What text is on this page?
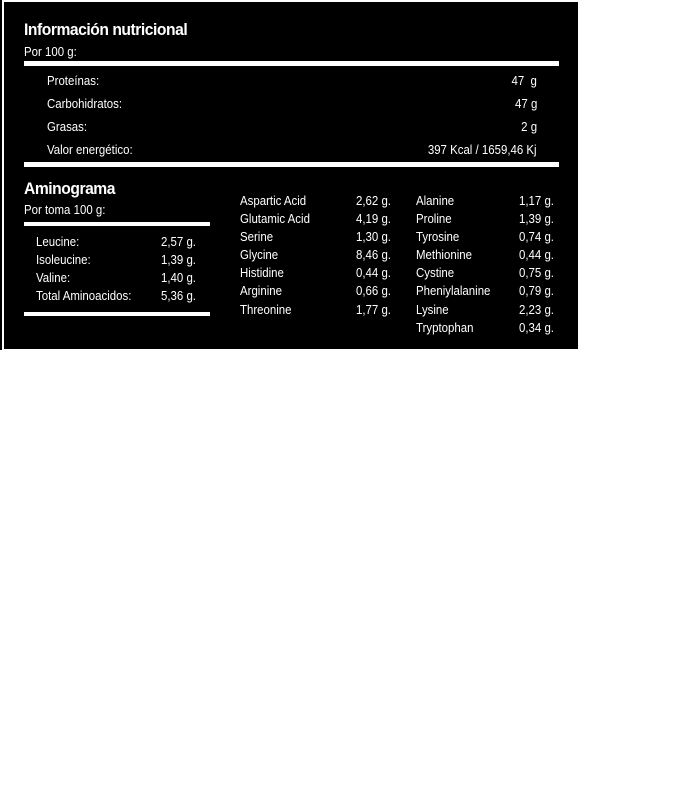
Información nutricional
Por 100 g:
Proteínas:	47  g
Carbohidratos:	47 g
Grasas:	2 g
Valor energético:	397 Kcal / 1659,46 Kj
Aminograma
Por toma 100 g:
Leucine:	2,57 g.
Isoleucine:	1,39 g.
Valine:	1,40 g.
Total Aminoacidos: 5,36 g.
Aspartic Acid	2,62 g.
Glutamic Acid	4,19 g.
Serine	1,30 g.
Glycine	8,46 g.
Histidine	0,44 g.
Arginine	0,66 g.
Threonine	1,77 g.
Alanine	1,17 g.
Proline	1,39 g.
Tyrosine	0,74 g.
Methionine	0,44 g.
Cystine	0,75 g.
Pheniylalanine 0,79 g.
Lysine	2,23 g.
Tryptophan	0,34 g.
